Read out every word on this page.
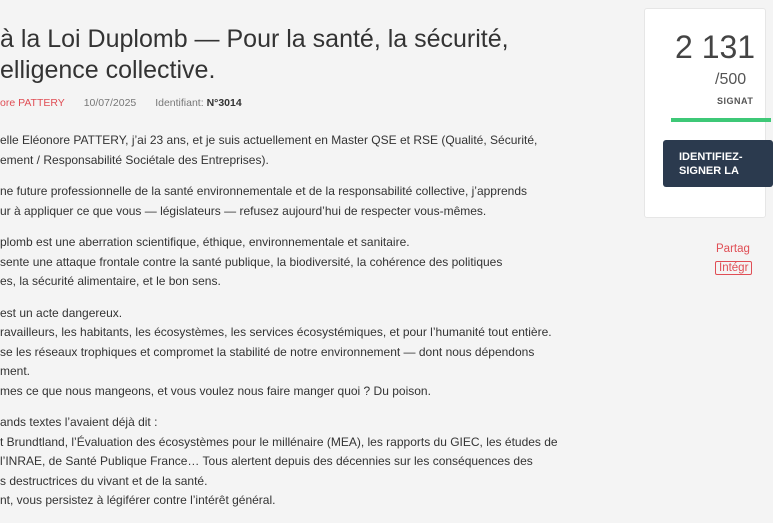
à la Loi Duplomb — Pour la santé, la sécurité,
elligence collective.
ore PATTERY 10/07/2025 Identifiant: N°3014

elle Eléonore PATTERY, j’ai 23 ans, et je suis actuellement en Master QSE et RSE (Qualité, Sécurité,
ement / Responsabilité Sociétale des Entreprises).

ne future professionnelle de la santé environnementale et de la responsabilité collective, j’apprends
ur à appliquer ce que vous — législateurs — refusez aujourd’hui de respecter vous-mêmes.

plomb est une aberration scientifique, éthique, environnementale et sanitaire.
sente une attaque frontale contre la santé publique, la biodiversité, la cohérence des politiques
es, la sécurité alimentaire, et le bon sens.

est un acte dangereux.
ravailleurs, les habitants, les écosystèmes, les services écosystémiques, et pour l’humanité tout entière.
se les réseaux trophiques et compromet la stabilité de notre environnement — dont nous dépendons
ment.
mes ce que nous mangeons, et vous voulez nous faire manger quoi ? Du poison.

ands textes l’avaient déjà dit :
t Brundtland, l’Évaluation des écosystèmes pour le millénaire (MEA), les rapports du GIEC, les études de
l’INRAE, de Santé Publique France… Tous alertent depuis des décennies sur les conséquences des
s destructrices du vivant et de la santé.
nt, vous persistez à légiférer contre l’intérêt général.

2 131
/500
SIGNAT
IDENTIFIEZ-
SIGNER LA
Partag
Intégr
